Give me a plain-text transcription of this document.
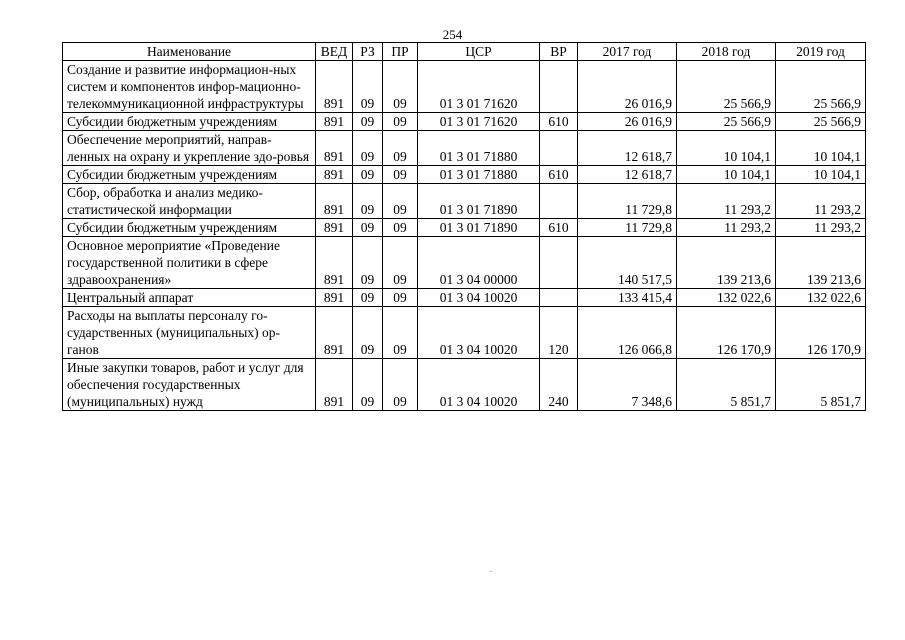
254
Наименование	ВЕД	РЗ	ПР	ЦСР	ВР	2017 год	2018 год	2019 год
Создание и развитие информацион-ных систем и компонентов инфор-мационно-телекоммуникационной инфраструктуры	891	09	09	01 3 01 71620		26 016,9	25 566,9	25 566,9
Субсидии бюджетным учреждениям	891	09	09	01 3 01 71620	610	26 016,9	25 566,9	25 566,9
Обеспечение мероприятий, направ-ленных на охрану и укрепление здо-ровья	891	09	09	01 3 01 71880		12 618,7	10 104,1	10 104,1
Субсидии бюджетным учреждениям	891	09	09	01 3 01 71880	610	12 618,7	10 104,1	10 104,1
Сбор, обработка и анализ медико-статистической информации	891	09	09	01 3 01 71890		11 729,8	11 293,2	11 293,2
Субсидии бюджетным учреждениям	891	09	09	01 3 01 71890	610	11 729,8	11 293,2	11 293,2
Основное мероприятие «Проведение государственной политики в сфере здравоохранения»	891	09	09	01 3 04 00000		140 517,5	139 213,6	139 213,6
Центральный аппарат	891	09	09	01 3 04 10020		133 415,4	132 022,6	132 022,6
Расходы на выплаты персоналу го-сударственных (муниципальных) ор-ганов	891	09	09	01 3 04 10020	120	126 066,8	126 170,9	126 170,9
Иные закупки товаров, работ и услуг для обеспечения государственных (муниципальных) нужд	891	09	09	01 3 04 10020	240	7 348,6	5 851,7	5 851,7
